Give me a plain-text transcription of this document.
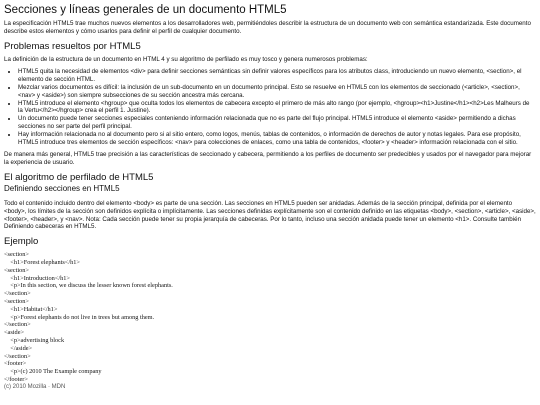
Secciones y líneas generales de un documento HTML5

La especificación HTML5 trae muchos nuevos elementos a los desarrolladores web, permitiéndoles describir la estructura de un documento web con semántica estandarizada. Este documento describe estos elementos y cómo usarlos para definir el perfil de cualquier documento.

Problemas resueltos por HTML5

La definición de la estructura de un documento en HTML 4 y su algoritmo de perfilado es muy tosco y genera numerosos problemas:

• HTML5 quita la necesidad de elementos <div> para definir secciones semánticas sin definir valores específicos para los atributos class, introduciendo un nuevo elemento, <section>, el elemento de sección HTML.
• Mezclar varios documentos es difícil: la inclusión de un sub-documento en un documento principal. Esto se resuelve en HTML5 con los elementos de seccionado (<article>, <section>, <nav> y <aside>) son siempre subsecciones de su sección ancestra más cercana.
• HTML5 introduce el elemento <hgroup> que oculta todos los elementos de cabecera excepto el primero de más alto rango (por ejemplo, <hgroup><h1>Justine</h1><h2>Les Malheurs de la Vertu</h2></hgroup> crea el perfil 1. Justine).
• Un documento puede tener secciones especiales conteniendo información relacionada que no es parte del flujo principal. HTML5 introduce el elemento <aside> permitiendo a dichas secciones no ser parte del perfil principal.
• Hay información relacionada no al documento pero si al sitio entero, como logos, menús, tablas de contenidos, o información de derechos de autor y notas legales. Para ese propósito, HTML5 introduce tres elementos de sección específicos: <nav> para colecciones de enlaces, como una tabla de contenidos, <footer> y <header> información relacionada con el sitio.

De manera más general, HTML5 trae precisión a las características de seccionado y cabecera, permitiendo a los perfiles de documento ser predecibles y usados por el navegador para mejorar la experiencia de usuario.

El algoritmo de perfilado de HTML5
Definiendo secciones en HTML5

Todo el contenido incluido dentro del elemento <body> es parte de una sección. Las secciones en HTML5 pueden ser anidadas. Además de la sección principal, definida por el elemento <body>, los límites de la sección son definidos explícita o implícitamente. Las secciones definidas explícitamente son el contenido definido en las etiquetas <body>, <section>, <article>, <aside>, <footer>, <header>, y <nav>. Nota: Cada sección puede tener su propia jerarquía de cabeceras. Por lo tanto, incluso una sección anidada puede tener un elemento <h1>. Consulte también Definiendo cabeceras en HTML5.

Ejemplo
<section>
<h1>Forest elephants</h1>
<section>
<h1>Introduction</h1>
<p>In this section, we discuss the lesser known forest elephants.
</section>
<section>
<h1>Habitat</h1>
<p>Forest elephants do not live in trees but among them.
</section>
<aside>
<p>advertising block
</aside>
</section>
<footer>
<p>(c) 2010 The Example company
</footer>
(c) 2010 Mozilla · MDN
